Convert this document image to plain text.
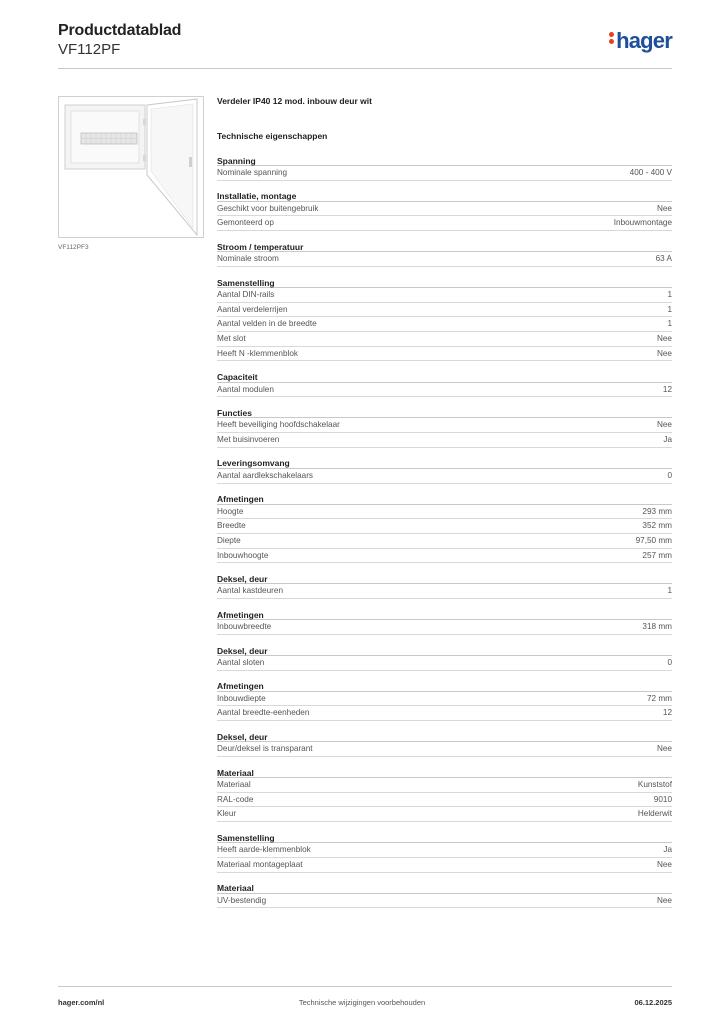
Productdatablad
VF112PF	hager
VF112PF3
Verdeler IP40 12 mod. inbouw deur wit
Technische eigenschappen
Spanning
Nominale spanning	400 - 400 V
Installatie, montage
Geschikt voor buitengebruik	Nee
Gemonteerd op	Inbouwmontage
Stroom / temperatuur
Nominale stroom	63 A
Samenstelling
Aantal DIN-rails	1
Aantal verdelerrijen	1
Aantal velden in de breedte	1
Met slot	Nee
Heeft N -klemmenblok	Nee
Capaciteit
Aantal modulen	12
Functies
Heeft beveiliging hoofdschakelaar	Nee
Met buisinvoeren	Ja
Leveringsomvang
Aantal aardlekschakelaars	0
Afmetingen
Hoogte	293 mm
Breedte	352 mm
Diepte	97,50 mm
Inbouwhoogte	257 mm
Deksel, deur
Aantal kastdeuren	1
Afmetingen
Inbouwbreedte	318 mm
Deksel, deur
Aantal sloten	0
Afmetingen
Inbouwdiepte	72 mm
Aantal breedte-eenheden	12
Deksel, deur
Deur/deksel is transparant	Nee
Materiaal
Materiaal	Kunststof
RAL-code	9010
Kleur	Helderwit
Samenstelling
Heeft aarde-klemmenblok	Ja
Materiaal montageplaat	Nee
Materiaal
UV-bestendig	Nee
hager.com/nl	Technische wijzigingen voorbehouden	06.12.2025
